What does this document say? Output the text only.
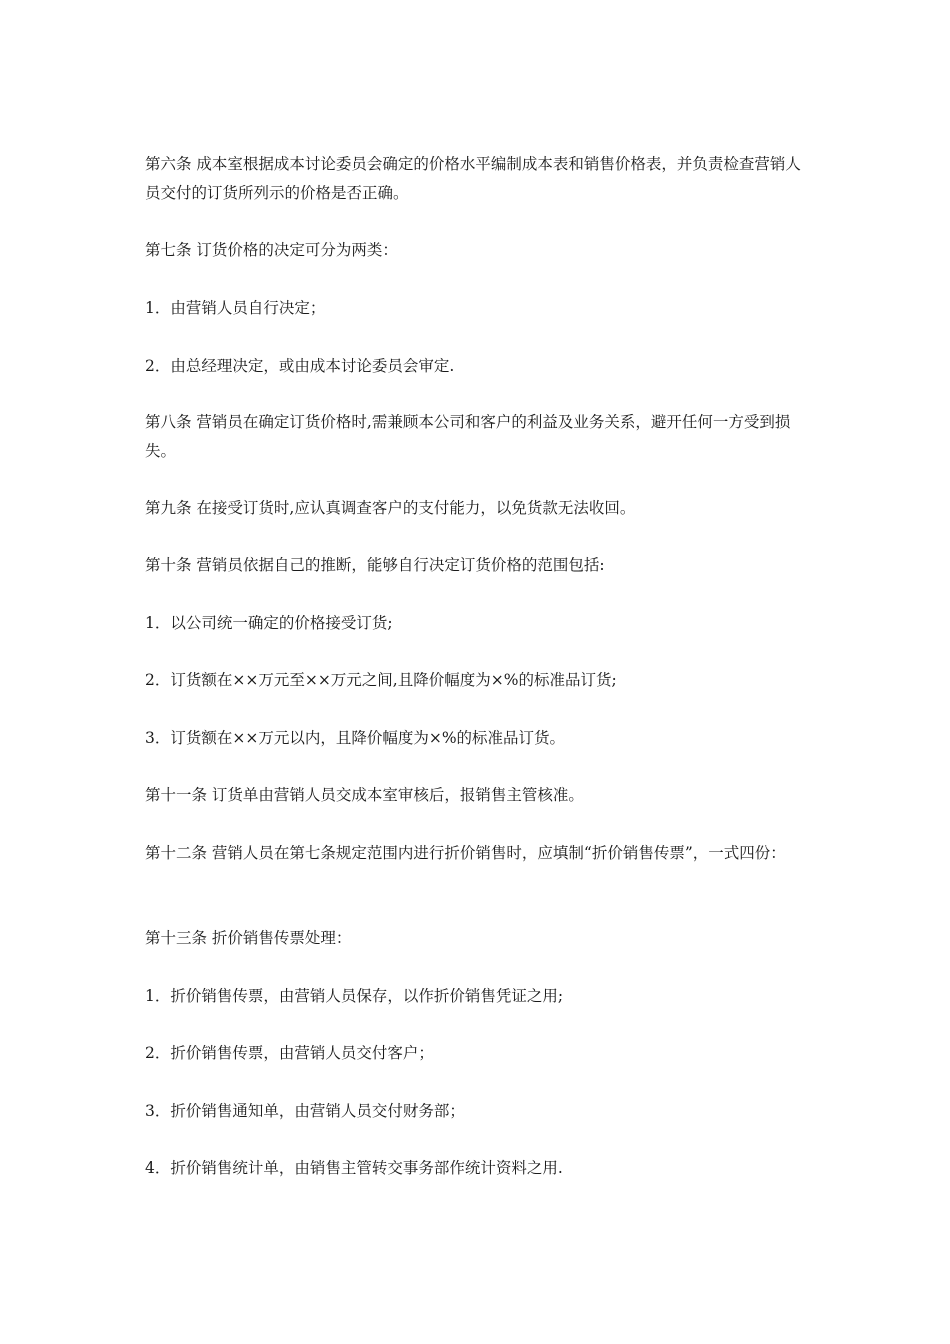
第六条 成本室根据成本讨论委员会确定的价格水平编制成本表和销售价格表，并负责检查营销人员交付的订货所列示的价格是否正确。

第七条 订货价格的决定可分为两类：

1．由营销人员自行决定；

2．由总经理决定，或由成本讨论委员会审定.

第八条 营销员在确定订货价格时,需兼顾本公司和客户的利益及业务关系，避开任何一方受到损失。

第九条 在接受订货时,应认真调查客户的支付能力，以免货款无法收回。

第十条 营销员依据自己的推断，能够自行决定订货价格的范围包括:

1．以公司统一确定的价格接受订货;

2．订货额在××万元至××万元之间,且降价幅度为×%的标准品订货;

3．订货额在××万元以内，且降价幅度为×%的标准品订货。

第十一条 订货单由营销人员交成本室审核后，报销售主管核准。

第十二条 营销人员在第七条规定范围内进行折价销售时，应填制“折价销售传票”，一式四份：

第十三条 折价销售传票处理：

1．折价销售传票，由营销人员保存，以作折价销售凭证之用;

2．折价销售传票，由营销人员交付客户；

3．折价销售通知单，由营销人员交付财务部；

4．折价销售统计单，由销售主管转交事务部作统计资料之用.
